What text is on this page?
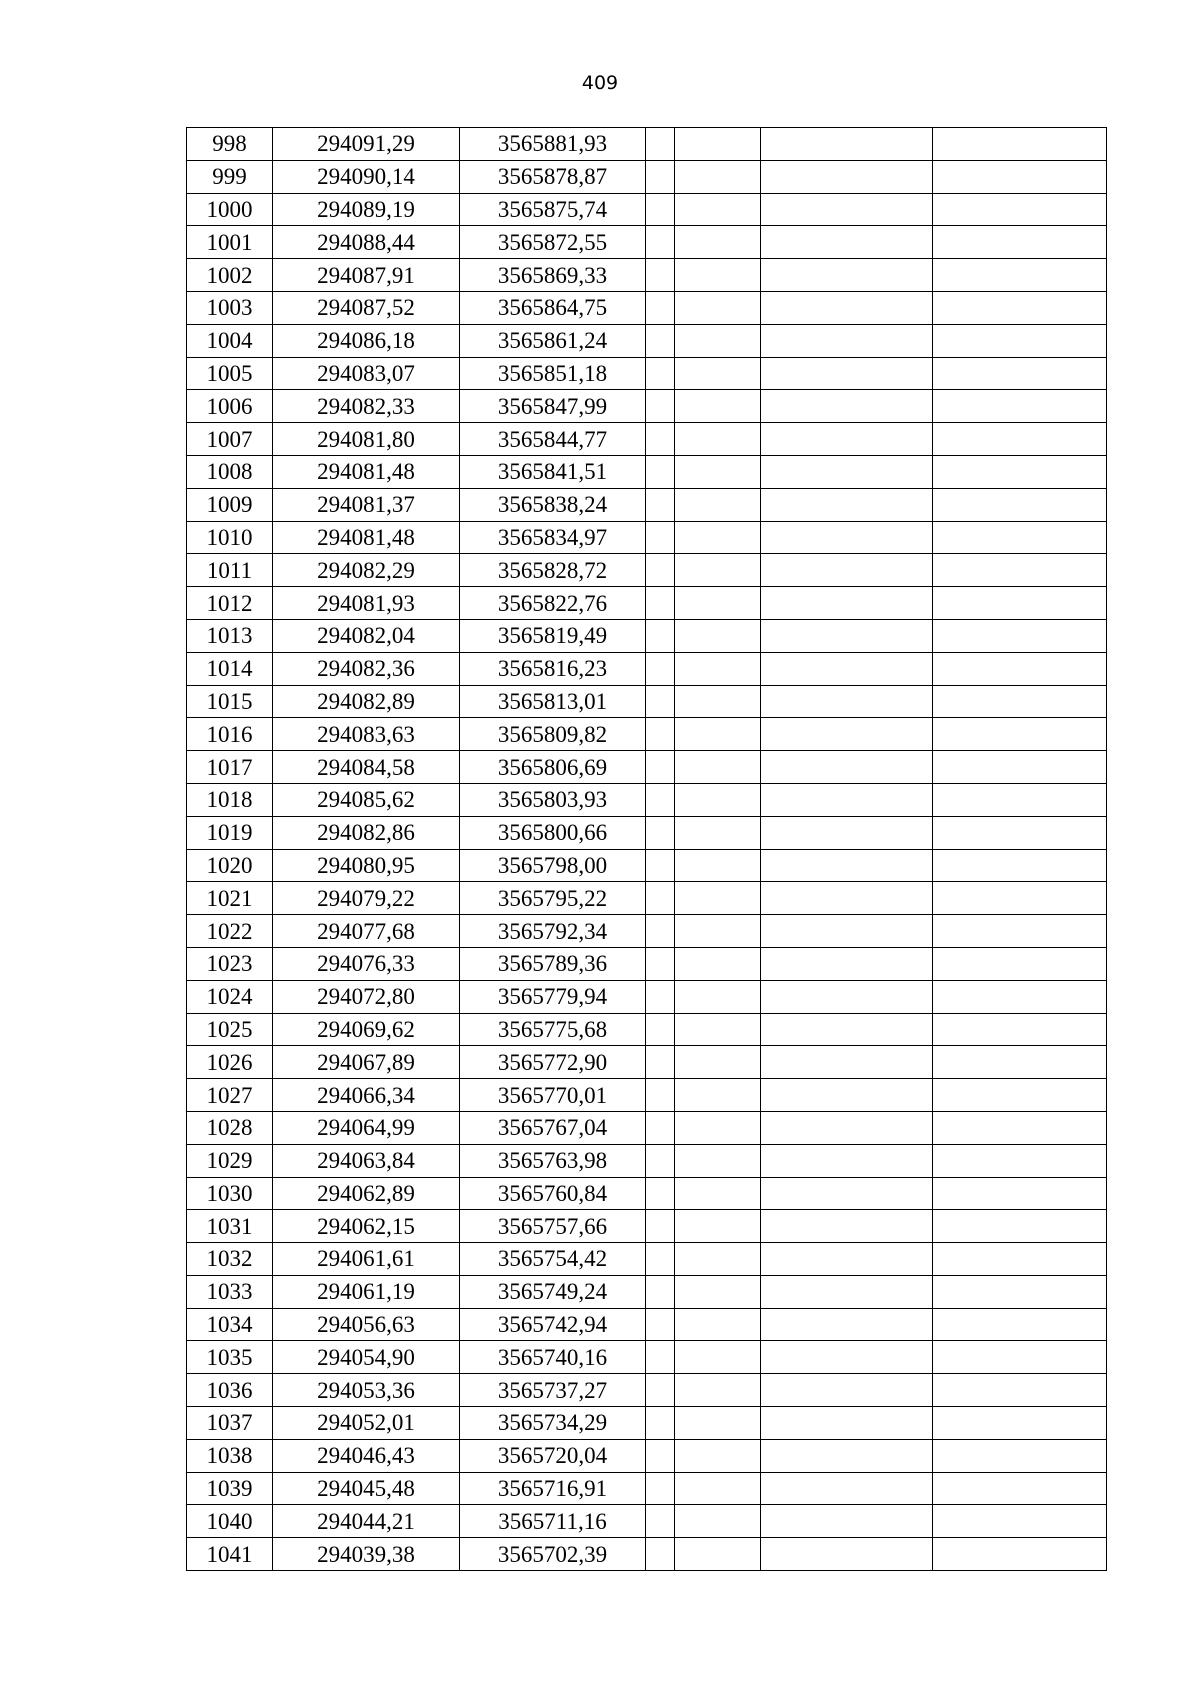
409
998	294091,29	3565881,93				
999	294090,14	3565878,87				
1000	294089,19	3565875,74				
1001	294088,44	3565872,55				
1002	294087,91	3565869,33				
1003	294087,52	3565864,75				
1004	294086,18	3565861,24				
1005	294083,07	3565851,18				
1006	294082,33	3565847,99				
1007	294081,80	3565844,77				
1008	294081,48	3565841,51				
1009	294081,37	3565838,24				
1010	294081,48	3565834,97				
1011	294082,29	3565828,72				
1012	294081,93	3565822,76				
1013	294082,04	3565819,49				
1014	294082,36	3565816,23				
1015	294082,89	3565813,01				
1016	294083,63	3565809,82				
1017	294084,58	3565806,69				
1018	294085,62	3565803,93				
1019	294082,86	3565800,66				
1020	294080,95	3565798,00				
1021	294079,22	3565795,22				
1022	294077,68	3565792,34				
1023	294076,33	3565789,36				
1024	294072,80	3565779,94				
1025	294069,62	3565775,68				
1026	294067,89	3565772,90				
1027	294066,34	3565770,01				
1028	294064,99	3565767,04				
1029	294063,84	3565763,98				
1030	294062,89	3565760,84				
1031	294062,15	3565757,66				
1032	294061,61	3565754,42				
1033	294061,19	3565749,24				
1034	294056,63	3565742,94				
1035	294054,90	3565740,16				
1036	294053,36	3565737,27				
1037	294052,01	3565734,29				
1038	294046,43	3565720,04				
1039	294045,48	3565716,91				
1040	294044,21	3565711,16				
1041	294039,38	3565702,39				
